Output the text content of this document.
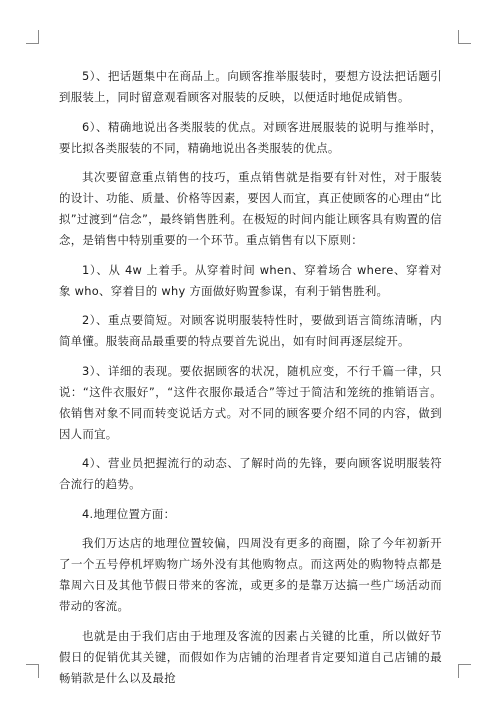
5）、把话题集中在商品上。向顾客推举服装时，要想方设法把话题引到服装上，同时留意观看顾客对服装的反映，以便适时地促成销售。

6）、精确地说出各类服装的优点。对顾客进展服装的说明与推举时，要比拟各类服装的不同，精确地说出各类服装的优点。

其次要留意重点销售的技巧，重点销售就是指要有针对性，对于服装的设计、功能、质量、价格等因素，要因人而宜，真正使顾客的心理由“比拟”过渡到“信念”，最终销售胜利。在极短的时间内能让顾客具有购置的信念，是销售中特别重要的一个环节。重点销售有以下原则：

1）、从 4w 上着手。从穿着时间 when、穿着场合 where、穿着对象 who、穿着目的 why 方面做好购置参谋，有利于销售胜利。

2）、重点要简短。对顾客说明服装特性时，要做到语言简练清晰，内简单懂。服装商品最重要的特点要首先说出，如有时间再逐层绽开。

3）、详细的表现。要依据顾客的状况，随机应变，不行千篇一律，只说：“这件衣服好”，“这件衣服你最适合”等过于简洁和笼统的推销语言。依销售对象不同而转变说话方式。对不同的顾客要介绍不同的内容，做到因人而宜。

4）、营业员把握流行的动态、了解时尚的先锋，要向顾客说明服装符合流行的趋势。

4.地理位置方面：

我们万达店的地理位置较偏，四周没有更多的商圈，除了今年初新开了一个五号停机坪购物广场外没有其他购物点。而这两处的购物特点都是靠周六日及其他节假日带来的客流，或更多的是靠万达搞一些广场活动而带动的客流。

也就是由于我们店由于地理及客流的因素占关键的比重，所以做好节假日的促销优其关键，而假如作为店铺的治理者肯定要知道自己店铺的最畅销款是什么以及最抢
